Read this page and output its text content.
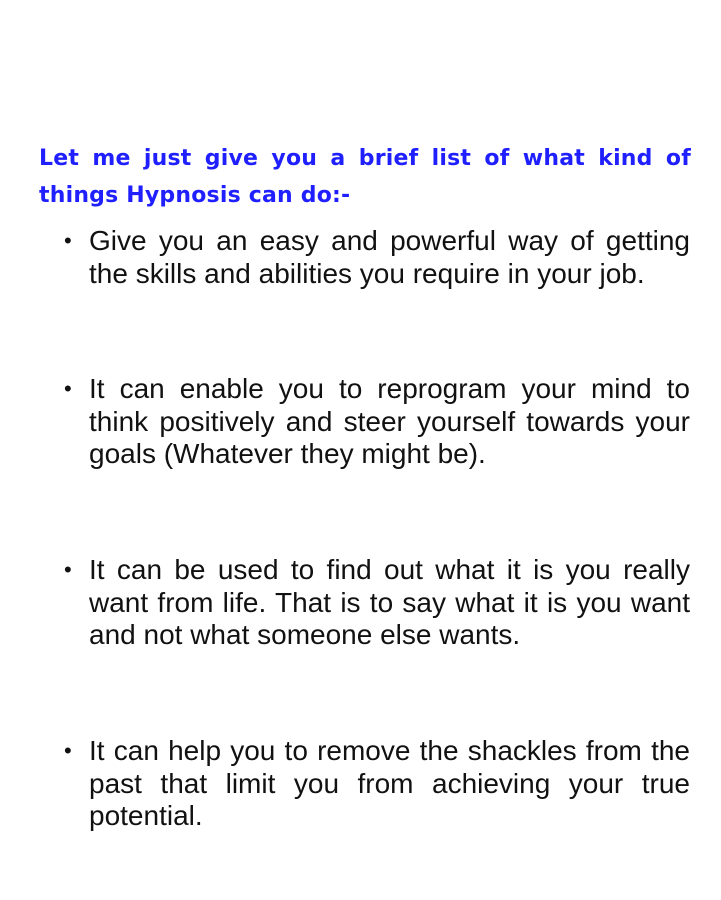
Let me just give you a brief list of what kind of things Hypnosis can do:-

• Give you an easy and powerful way of getting the skills and abilities you require in your job.

• It can enable you to reprogram your mind to think positively and steer yourself towards your goals (Whatever they might be).

• It can be used to find out what it is you really want from life. That is to say what it is you want and not what someone else wants.

• It can help you to remove the shackles from the past that limit you from achieving your true potential.
